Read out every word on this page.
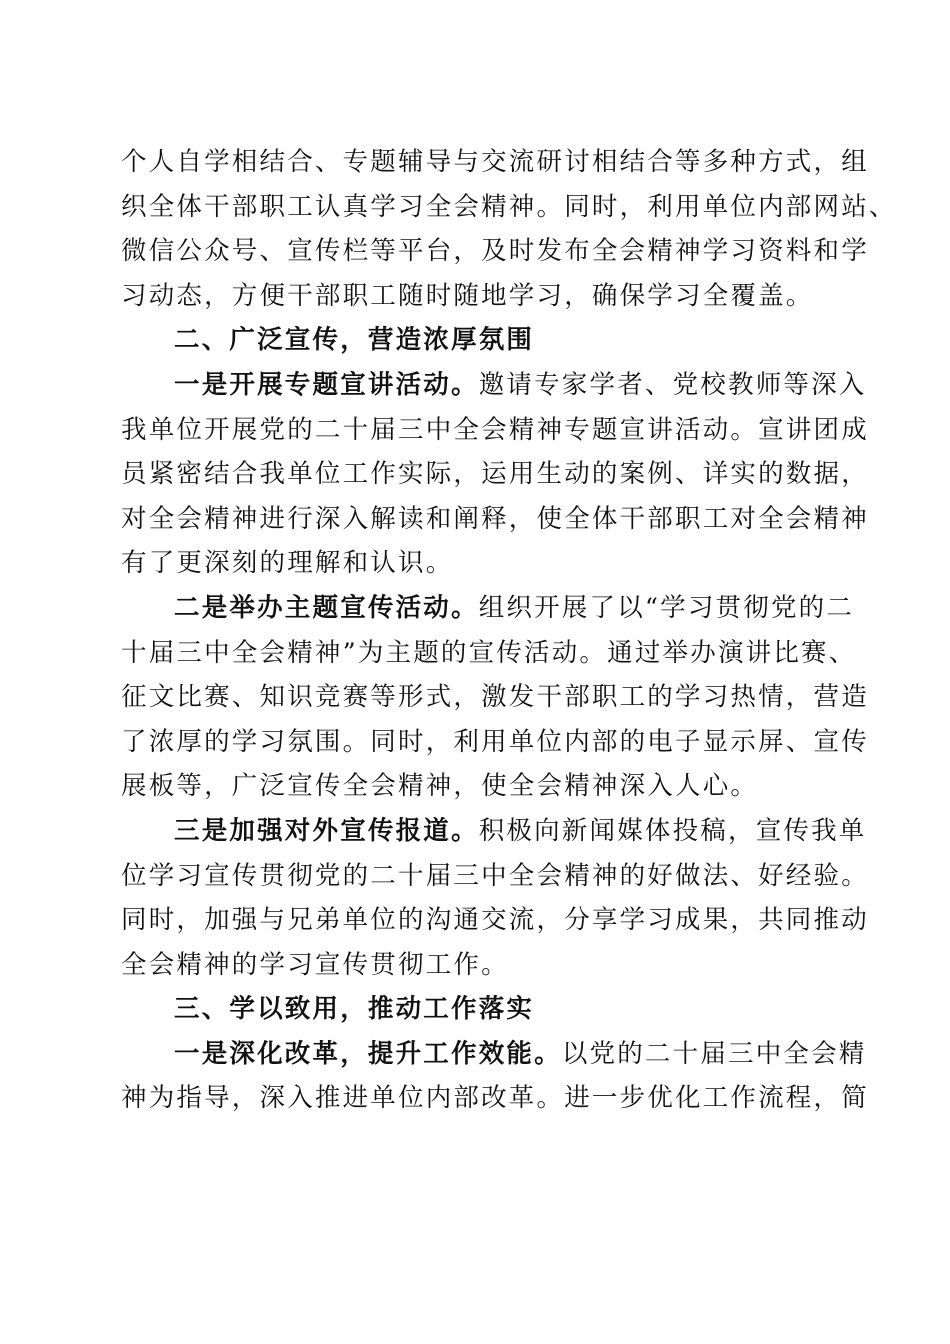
个人自学相结合、专题辅导与交流研讨相结合等多种方式，组
织全体干部职工认真学习全会精神。同时，利用单位内部网站、
微信公众号、宣传栏等平台，及时发布全会精神学习资料和学
习动态，方便干部职工随时随地学习，确保学习全覆盖。
二、广泛宣传，营造浓厚氛围
一是开展专题宣讲活动。邀请专家学者、党校教师等深入
我单位开展党的二十届三中全会精神专题宣讲活动。宣讲团成
员紧密结合我单位工作实际，运用生动的案例、详实的数据，
对全会精神进行深入解读和阐释，使全体干部职工对全会精神
有了更深刻的理解和认识。
二是举办主题宣传活动。组织开展了以“学习贯彻党的二
十届三中全会精神”为主题的宣传活动。通过举办演讲比赛、
征文比赛、知识竞赛等形式，激发干部职工的学习热情，营造
了浓厚的学习氛围。同时，利用单位内部的电子显示屏、宣传
展板等，广泛宣传全会精神，使全会精神深入人心。
三是加强对外宣传报道。积极向新闻媒体投稿，宣传我单
位学习宣传贯彻党的二十届三中全会精神的好做法、好经验。
同时，加强与兄弟单位的沟通交流，分享学习成果，共同推动
全会精神的学习宣传贯彻工作。
三、学以致用，推动工作落实
一是深化改革，提升工作效能。以党的二十届三中全会精
神为指导，深入推进单位内部改革。进一步优化工作流程，简
